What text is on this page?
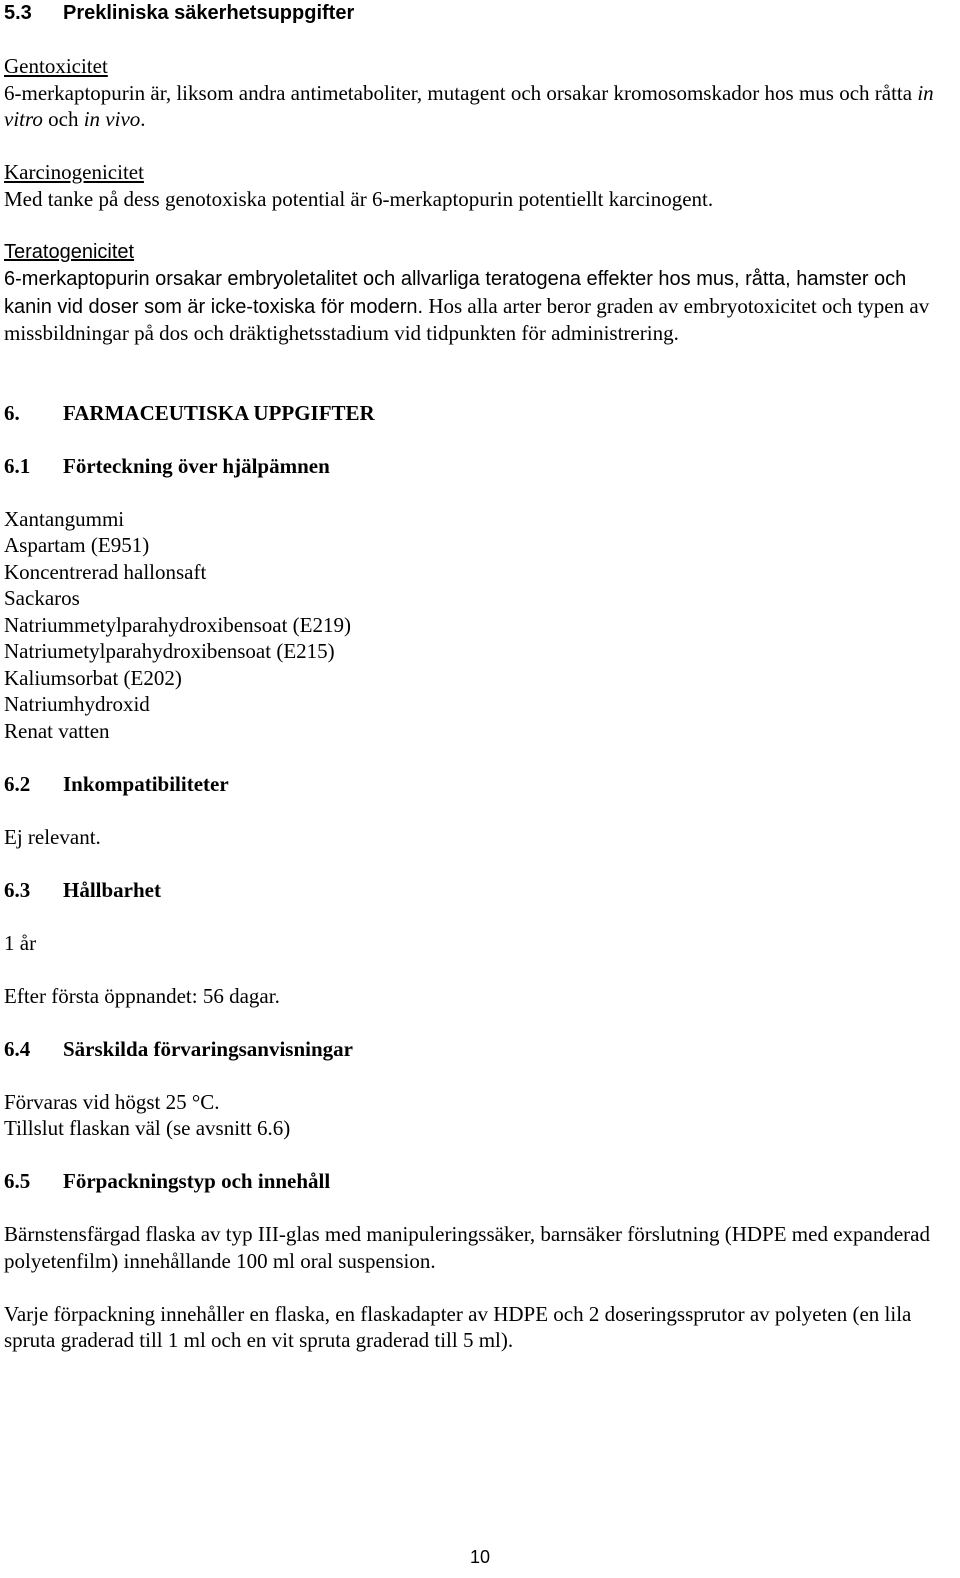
5.3	Prekliniska säkerhetsuppgifter

Gentoxicitet

6-merkaptopurin är, liksom andra antimetaboliter, mutagent och orsakar kromosomskador hos mus och råtta in vitro och in vivo.

Karcinogenicitet

Med tanke på dess genotoxiska potential är 6-merkaptopurin potentiellt karcinogent.

Teratogenicitet

6-merkaptopurin orsakar embryoletalitet och allvarliga teratogena effekter hos mus, råtta, hamster och kanin vid doser som är icke-toxiska för modern. Hos alla arter beror graden av embryotoxicitet och typen av missbildningar på dos och dräktighetsstadium vid tidpunkten för administrering.

6.	FARMACEUTISKA UPPGIFTER
6.1	Förteckning över hjälpämnen
Xantangummi
Aspartam (E951)
Koncentrerad hallonsaft
Sackaros
Natriummetylparahydroxibensoat (E219)
Natriumetylparahydroxibensoat (E215)
Kaliumsorbat (E202)
Natriumhydroxid
Renat vatten
6.2	Inkompatibiliteter

Ej relevant.

6.3	Hållbarhet

1 år

Efter första öppnandet: 56 dagar.

6.4	Särskilda förvaringsanvisningar

Förvaras vid högst 25 °C.

Tillslut flaskan väl (se avsnitt 6.6)

6.5	Förpackningstyp och innehåll

Bärnstensfärgad flaska av typ III-glas med manipuleringssäker, barnsäker förslutning (HDPE med expanderad polyetenfilm) innehållande 100 ml oral suspension.

Varje förpackning innehåller en flaska, en flaskadapter av HDPE och 2 doseringssprutor av polyeten (en lila spruta graderad till 1 ml och en vit spruta graderad till 5 ml).

10
